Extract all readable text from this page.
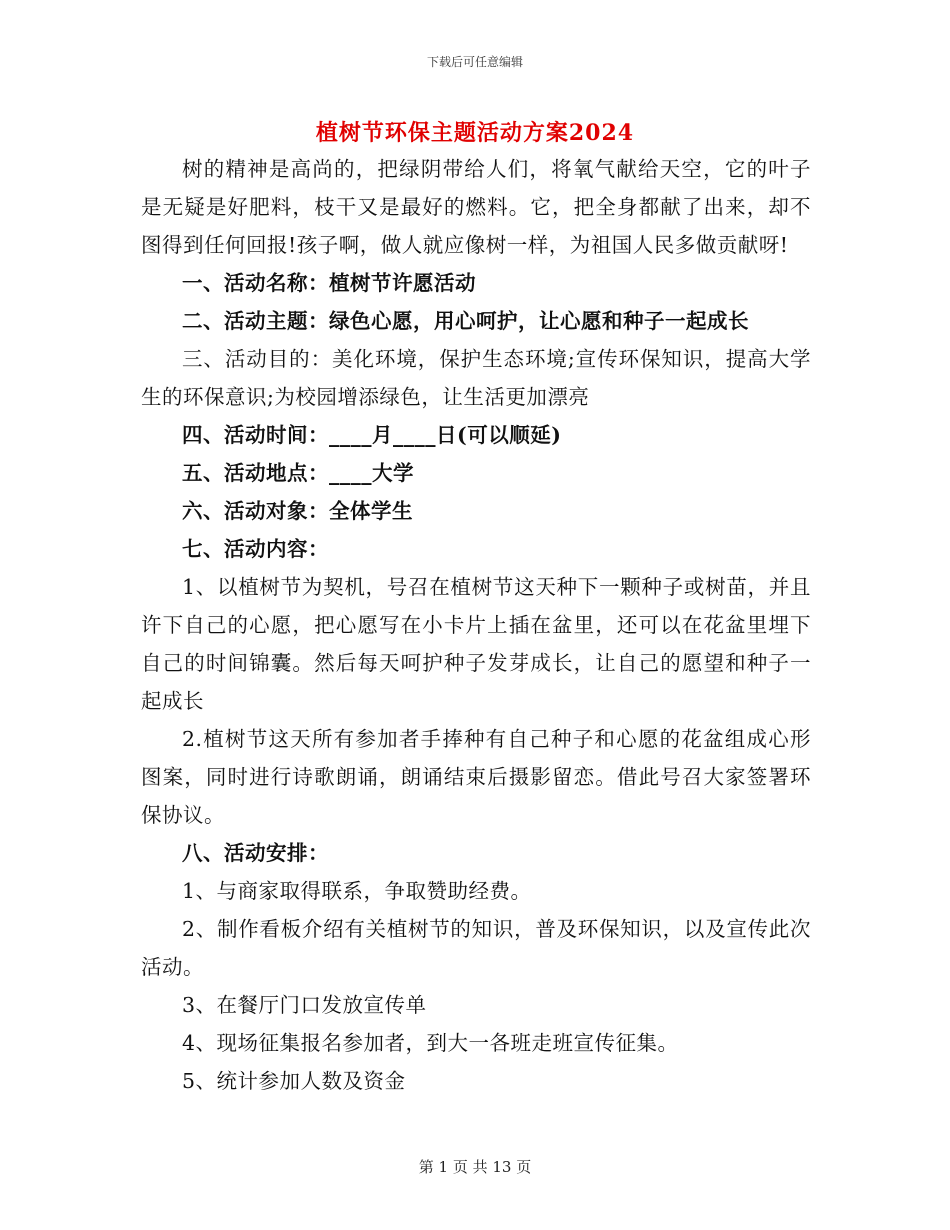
下载后可任意编辑
植树节环保主题活动方案2024

树的精神是高尚的，把绿阴带给人们，将氧气献给天空，它的叶子是无疑是好肥料，枝干又是最好的燃料。它，把全身都献了出来，却不图得到任何回报!孩子啊，做人就应像树一样，为祖国人民多做贡献呀!

一、活动名称：植树节许愿活动

二、活动主题：绿色心愿，用心呵护，让心愿和种子一起成长

三、活动目的：美化环境，保护生态环境;宣传环保知识，提高大学生的环保意识;为校园增添绿色，让生活更加漂亮

四、活动时间：____月____日(可以顺延)

五、活动地点：____大学

六、活动对象：全体学生

七、活动内容：

1、以植树节为契机，号召在植树节这天种下一颗种子或树苗，并且许下自己的心愿，把心愿写在小卡片上插在盆里，还可以在花盆里埋下自己的时间锦囊。然后每天呵护种子发芽成长，让自己的愿望和种子一起成长

2.植树节这天所有参加者手捧种有自己种子和心愿的花盆组成心形图案，同时进行诗歌朗诵，朗诵结束后摄影留恋。借此号召大家签署环保协议。

八、活动安排：

1、与商家取得联系，争取赞助经费。

2、制作看板介绍有关植树节的知识，普及环保知识，以及宣传此次活动。

3、在餐厅门口发放宣传单

4、现场征集报名参加者，到大一各班走班宣传征集。

5、统计参加人数及资金

第 1 页 共 13 页
